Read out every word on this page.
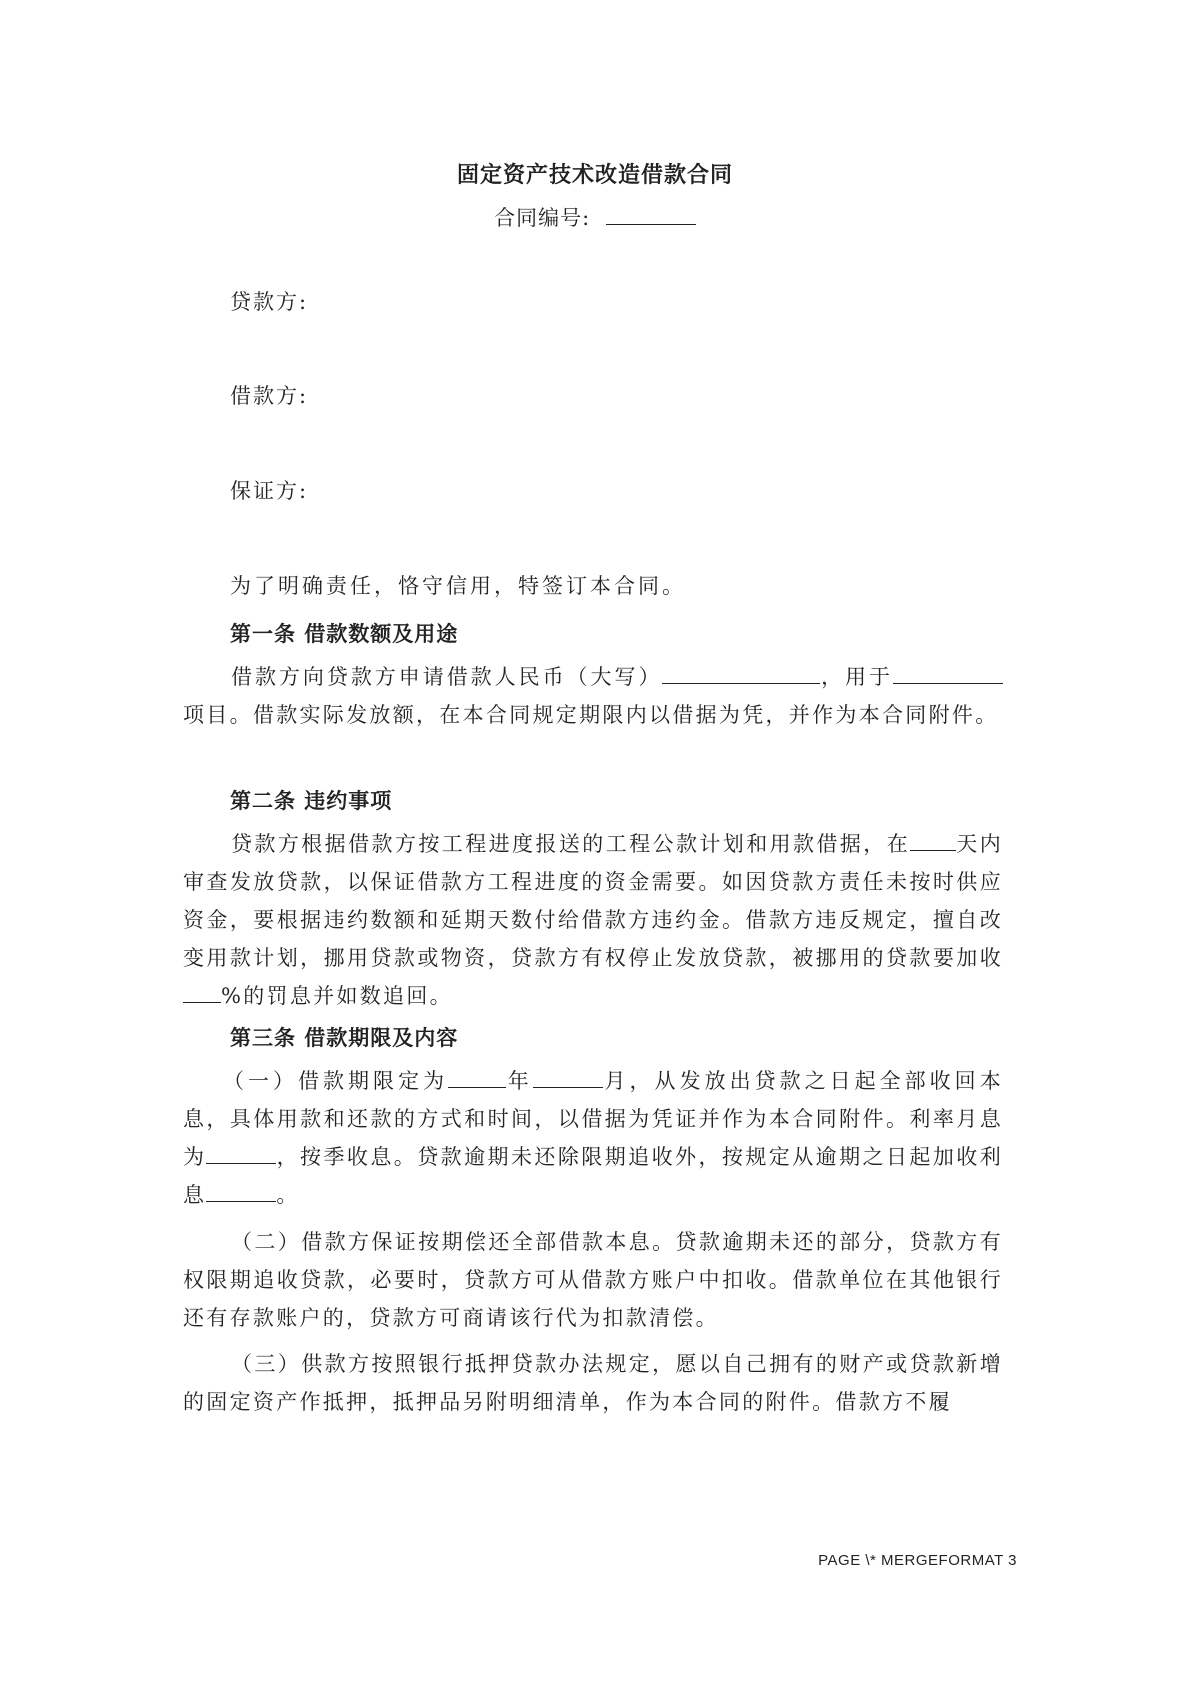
固定资产技术改造借款合同
合同编号:
贷款方:
借款方:
保证方:
为了明确责任，恪守信用，特签订本合同。
第一条 借款数额及用途

借款方向贷款方申请借款人民币（大写）	，用于项目。借款实际发放额，在本合同规定期限内以借据为凭，并作为本合同附件。

第二条 违约事项

贷款方根据借款方按工程进度报送的工程公款计划和用款借据，在 天内审查发放贷款，以保证借款方工程进度的资金需要。如因贷款方责任未按时供应资金，要根据违约数额和延期天数付给借款方违约金。借款方违反规定，擅自改变用款计划，挪用贷款或物资，贷款方有权停止发放贷款，被挪用的贷款要加收%的罚息并如数追回。

第三条 借款期限及内容

（一）借款期限定为	年	月，从发放出贷款之日起全部收回本息，具体用款和还款的方式和时间，以借据为凭证并作为本合同附件。利率月息为	，按季收息。贷款逾期未还除限期追收外，按规定从逾期之日起加收利息	。

（二）借款方保证按期偿还全部借款本息。贷款逾期未还的部分，贷款方有权限期追收贷款，必要时，贷款方可从借款方账户中扣收。借款单位在其他银行还有存款账户的，贷款方可商请该行代为扣款清偿。

（三）供款方按照银行抵押贷款办法规定，愿以自己拥有的财产或贷款新增的固定资产作抵押，抵押品另附明细清单，作为本合同的附件。借款方不履

PAGE \* MERGEFORMAT 3
